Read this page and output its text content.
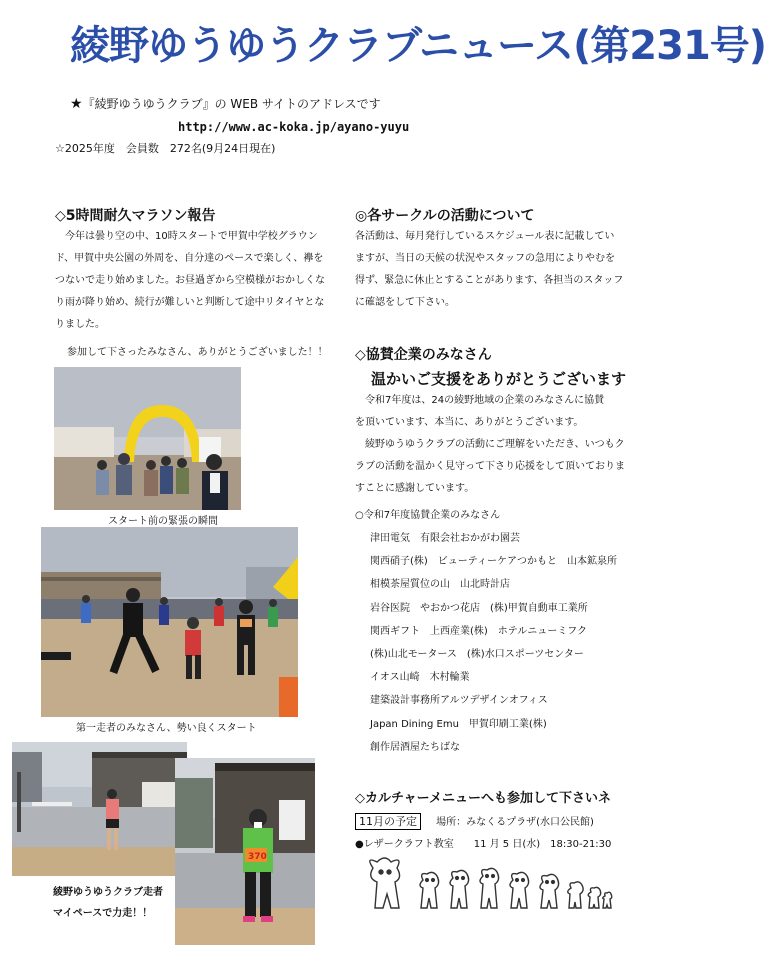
綾野ゆうゆうクラブニュース(第231号)
★『綾野ゆうゆうクラブ』の WEB サイトのアドレスです
http://www.ac-koka.jp/ayano-yuyu
☆2025年度　会員数　272名(9月24日現在)
◇5時間耐久マラソン報告
　今年は曇り空の中、10時スタートで甲賀中学校グラウン
ド、甲賀中央公園の外周を、自分達のペースで楽しく、襷を
つないで走り始めました。お昼過ぎから空模様がおかしくな
り雨が降り始め、続行が難しいと判断して途中リタイヤとな
りました。
参加して下さったみなさん、ありがとうございました！！
スタート前の緊張の瞬間
第一走者のみなさん、勢い良くスタート
綾野ゆうゆうクラブ走者
マイペースで力走！！
370
◎各サークルの活動について
各活動は、毎月発行しているスケジュール表に記載してい
ますが、当日の天候の状況やスタッフの急用によりやむを
得ず、緊急に休止とすることがあります、各担当のスタッフ
に確認をして下さい。
◇協賛企業のみなさん
温かいご支援をありがとうございます
　令和7年度は、24の綾野地域の企業のみなさんに協賛
を頂いています、本当に、ありがとうございます。
　綾野ゆうゆうクラブの活動にご理解をいただき、いつもク
ラブの活動を温かく見守って下さり応援をして頂いておりま
すことに感謝しています。
○令和7年度協賛企業のみなさん
津田電気　有限会社おかがわ園芸
関西硝子(株)　ビューティーケアつかもと　山本鉱泉所
相模茶屋質位の山　山北時計店
岩谷医院　やおかつ花店　(株)甲賀自動車工業所
関西ギフト　上西産業(株)　ホテルニューミフク
(株)山北モータース　(株)水口スポーツセンター
イオス山崎　木村輪業
建築設計事務所アルツデザインオフィス
Japan Dining Emu　甲賀印刷工業(株)
創作居酒屋たちばな
◇カルチャーメニューへも参加して下さいネ
11月の予定 場所：みなくるプラザ(水口公民館)
●レザークラフト教室　　11 月 5 日(水)　18:30-21:30
